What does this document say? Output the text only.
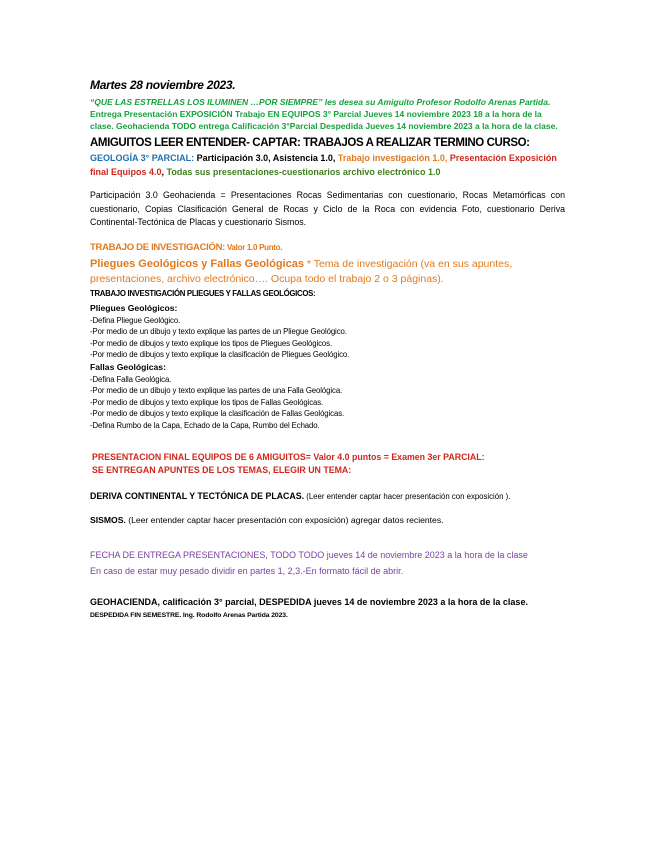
Martes 28 noviembre 2023.
“QUE LAS ESTRELLAS LOS ILUMINEN …POR SIEMPRE” les desea su Amiguito Profesor Rodolfo Arenas Partida. Entrega Presentación EXPOSICIÓN Trabajo EN EQUIPOS 3° Parcial Jueves 14 noviembre 2023 18 a la hora de la clase. Geohacienda TODO entrega Calificación 3°Parcial Despedida Jueves 14 noviembre 2023 a la hora de la clase.
AMIGUITOS LEER ENTENDER- CAPTAR: TRABAJOS A REALIZAR TERMINO CURSO:
GEOLOGÍA 3° PARCIAL: Participación 3.0, Asistencia 1.0, Trabajo investigación 1.0, Presentación Exposición final Equipos 4.0, Todas sus presentaciones-cuestionarios archivo electrónico 1.0
Participación 3.0 Geohacienda = Presentaciones Rocas Sedimentarias con cuestionario, Rocas Metamórficas con cuestionario, Copias Clasificación General de Rocas y Ciclo de la Roca con evidencia Foto, cuestionario Deriva Continental-Tectónica de Placas y cuestionario Sismos.
TRABAJO DE INVESTIGACIÓN: Valor 1.0 Punto.
Pliegues Geológicos y Fallas Geológicas * Tema de investigación (va en sus apuntes, presentaciones, archivo electrónico…. Ocupa todo el trabajo 2 o 3 páginas).
TRABAJO INVESTIGACIÓN PLIEGUES Y FALLAS GEOLÓGICOS:
Pliegues Geológicos:
-Defina Pliegue Geológico.
-Por medio de un dibujo y texto explique las partes de un Pliegue Geológico.
-Por medio de dibujos y texto explique los tipos de Pliegues Geológicos.
-Por medio de dibujos y texto explique la clasificación de Pliegues Geológico.
Fallas Geológicas:
-Defina Falla Geológica.
-Por medio de un dibujo y texto explique las partes de una Falla Geológica.
-Por medio de dibujos y texto explique los tipos de Fallas Geológicas.
-Por medio de dibujos y texto explique la clasificación de Fallas Geológicas.
-Defina Rumbo de la Capa, Echado de la Capa, Rumbo del Echado.
PRESENTACION FINAL EQUIPOS DE 6 AMIGUITOS= Valor 4.0 puntos = Examen 3er PARCIAL:
SE ENTREGAN APUNTES DE LOS TEMAS, ELEGIR UN TEMA:
DERIVA CONTINENTAL Y TECTÓNICA DE PLACAS. (Leer entender captar hacer presentación con exposición ).
SISMOS. (Leer entender captar hacer presentación con exposición) agregar datos recientes.
FECHA DE ENTREGA PRESENTACIONES, TODO TODO jueves 14 de noviembre 2023 a la hora de la clase
En caso de estar muy pesado dividir en partes 1, 2,3.-En formato fácil de abrir.
GEOHACIENDA, calificación 3° parcial, DESPEDIDA jueves 14 de noviembre 2023 a la hora de la clase.
DESPEDIDA FIN SEMESTRE. Ing. Rodolfo Arenas Partida 2023.
